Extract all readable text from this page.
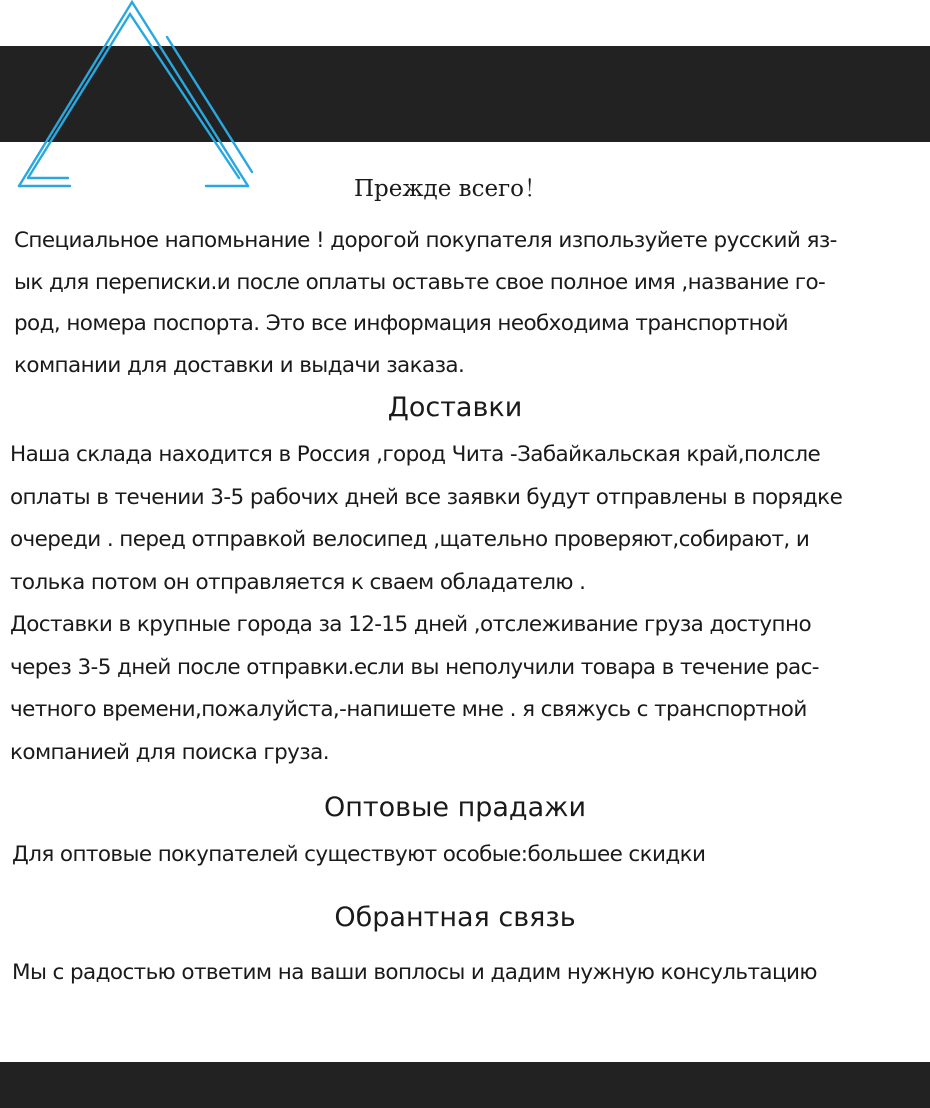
Прежде всего！
Специальное напомьнание ! дорогой покупателя изпользуйете русский яз-
ык для переписки.и после оплаты оставьте свое полное имя ,название го-
род, номера поспорта. Это все информация необходима транспортной
компании для доставки и выдачи заказа.
Доставки
Наша склада находится в Россия ,город Чита -Забайкальская край,полсле
оплаты в течении 3-5 рабочих дней все заявки будут отправлены в порядке
очереди . перед отправкой велосипед ,щательно проверяют,собирают, и
толька потом он отправляется к сваем обладателю .
Доставки в крупные города за 12-15 дней ,отслеживание груза доступно
через 3-5 дней после отправки.если вы неполучили товара в течение рас-
четного времени,пожалуйста,-напишете мне . я свяжусь с транспортной
компанией для поиска груза.
Оптовые прадажи

Для оптовые покупателей существуют особые:большее скидки

Обрантная связь

Мы с радостью ответим на ваши воплосы и дадим нужную консультацию
